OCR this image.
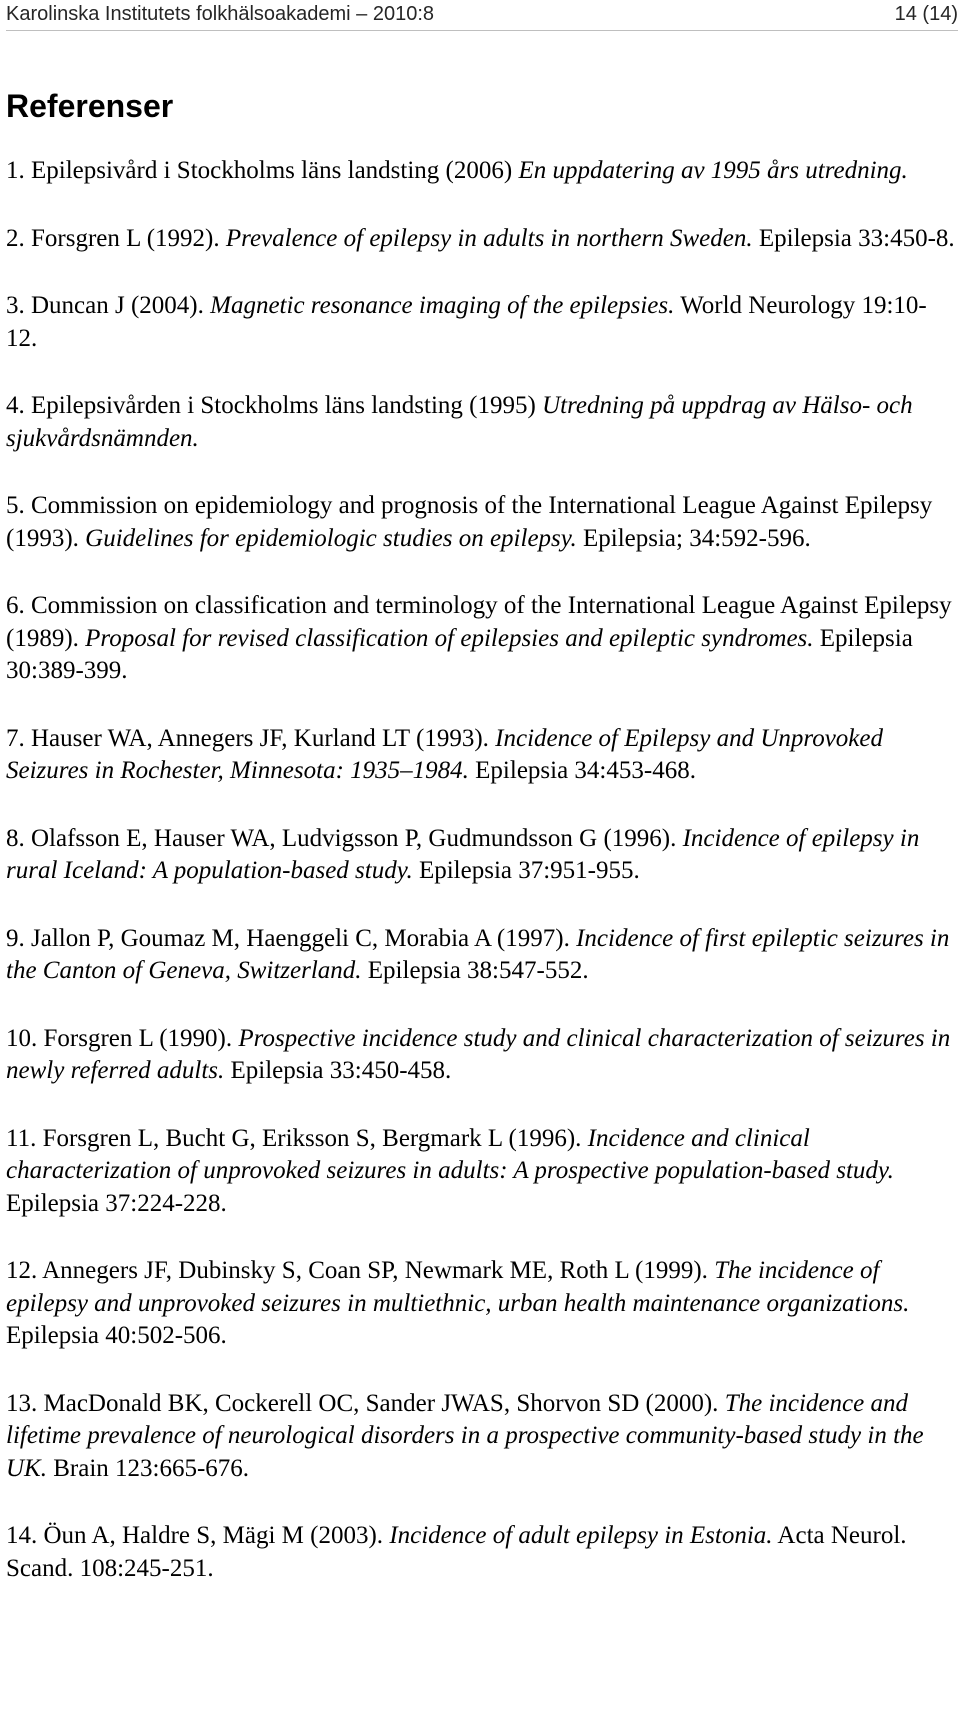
Karolinska Institutets folkhälsoakademi – 2010:8	14 (14)
Referenser
1. Epilepsivård i Stockholms läns landsting (2006) En uppdatering av 1995 års utredning.
2. Forsgren L (1992). Prevalence of epilepsy in adults in northern Sweden. Epilepsia 33:450-8.
3. Duncan J (2004). Magnetic resonance imaging of the epilepsies. World Neurology 19:10-12.
4. Epilepsivården i Stockholms läns landsting (1995) Utredning på uppdrag av Hälso- och sjukvårdsnämnden.
5. Commission on epidemiology and prognosis of the International League Against Epilepsy (1993). Guidelines for epidemiologic studies on epilepsy. Epilepsia; 34:592-596.
6. Commission on classification and terminology of the International League Against Epilepsy (1989). Proposal for revised classification of epilepsies and epileptic syndromes. Epilepsia 30:389-399.
7. Hauser WA, Annegers JF, Kurland LT (1993). Incidence of Epilepsy and Unprovoked Seizures in Rochester, Minnesota: 1935–1984. Epilepsia 34:453-468.
8. Olafsson E, Hauser WA, Ludvigsson P, Gudmundsson G (1996). Incidence of epilepsy in rural Iceland: A population-based study. Epilepsia 37:951-955.
9. Jallon P, Goumaz M, Haenggeli C, Morabia A (1997). Incidence of first epileptic seizures in the Canton of Geneva, Switzerland. Epilepsia 38:547-552.
10. Forsgren L (1990). Prospective incidence study and clinical characterization of seizures in newly referred adults. Epilepsia 33:450-458.
11. Forsgren L, Bucht G, Eriksson S, Bergmark L (1996). Incidence and clinical characterization of unprovoked seizures in adults: A prospective population-based study. Epilepsia 37:224-228.
12. Annegers JF, Dubinsky S, Coan SP, Newmark ME, Roth L (1999). The incidence of epilepsy and unprovoked seizures in multiethnic, urban health maintenance organizations. Epilepsia 40:502-506.
13. MacDonald BK, Cockerell OC, Sander JWAS, Shorvon SD (2000). The incidence and lifetime prevalence of neurological disorders in a prospective community-based study in the UK. Brain 123:665-676.
14. Öun A, Haldre S, Mägi M (2003). Incidence of adult epilepsy in Estonia. Acta Neurol. Scand. 108:245-251.
